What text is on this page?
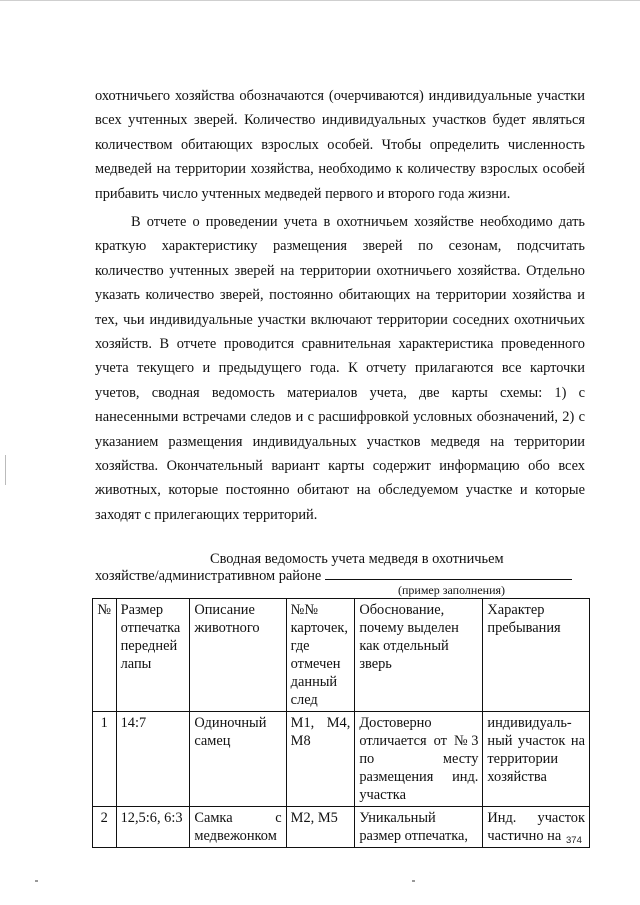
охотничьего хозяйства обозначаются (очерчиваются) индивидуальные участки
всех учтенных зверей. Количество индивидуальных участков будет являться
количеством обитающих взрослых особей. Чтобы определить численность
медведей на территории хозяйства, необходимо к количеству взрослых особей
прибавить число учтенных медведей первого и второго года жизни.
В отчете о проведении учета в охотничьем хозяйстве необходимо дать
краткую характеристику размещения зверей по сезонам, подсчитать
количество учтенных зверей на территории охотничьего хозяйства. Отдельно
указать количество зверей, постоянно обитающих на территории хозяйства и
тех, чьи индивидуальные участки включают территории соседних охотничьих
хозяйств. В отчете проводится сравнительная характеристика проведенного
учета текущего и предыдущего года. К отчету прилагаются все карточки
учетов, сводная ведомость материалов учета, две карты схемы: 1) с
нанесенными встречами следов и с расшифровкой условных обозначений, 2) с
указанием размещения индивидуальных участков медведя на территории
хозяйства. Окончательный вариант карты содержит информацию обо всех
животных, которые постоянно обитают на обследуемом участке и которые
заходят с прилегающих территорий.
Сводная ведомость учета медведя в охотничьем
хозяйстве/административном районе
(пример заполнения)
№	Размер отпечатка передней лапы	Описание животного	№№ карточек, где отмечен данный след	Обоснование, почему выделен как отдельный зверь	Характер пребывания
1	14:7	Одиночный самец	М1, М4, М8	Достоверно отличается от №3 по месту размещения инд. участка	индивидуаль-ный участок на территории хозяйства
2	12,5:6, 6:3	Самка с медвежонком	М2, М5	Уникальный размер отпечатка,	Инд. участок частично на 374
